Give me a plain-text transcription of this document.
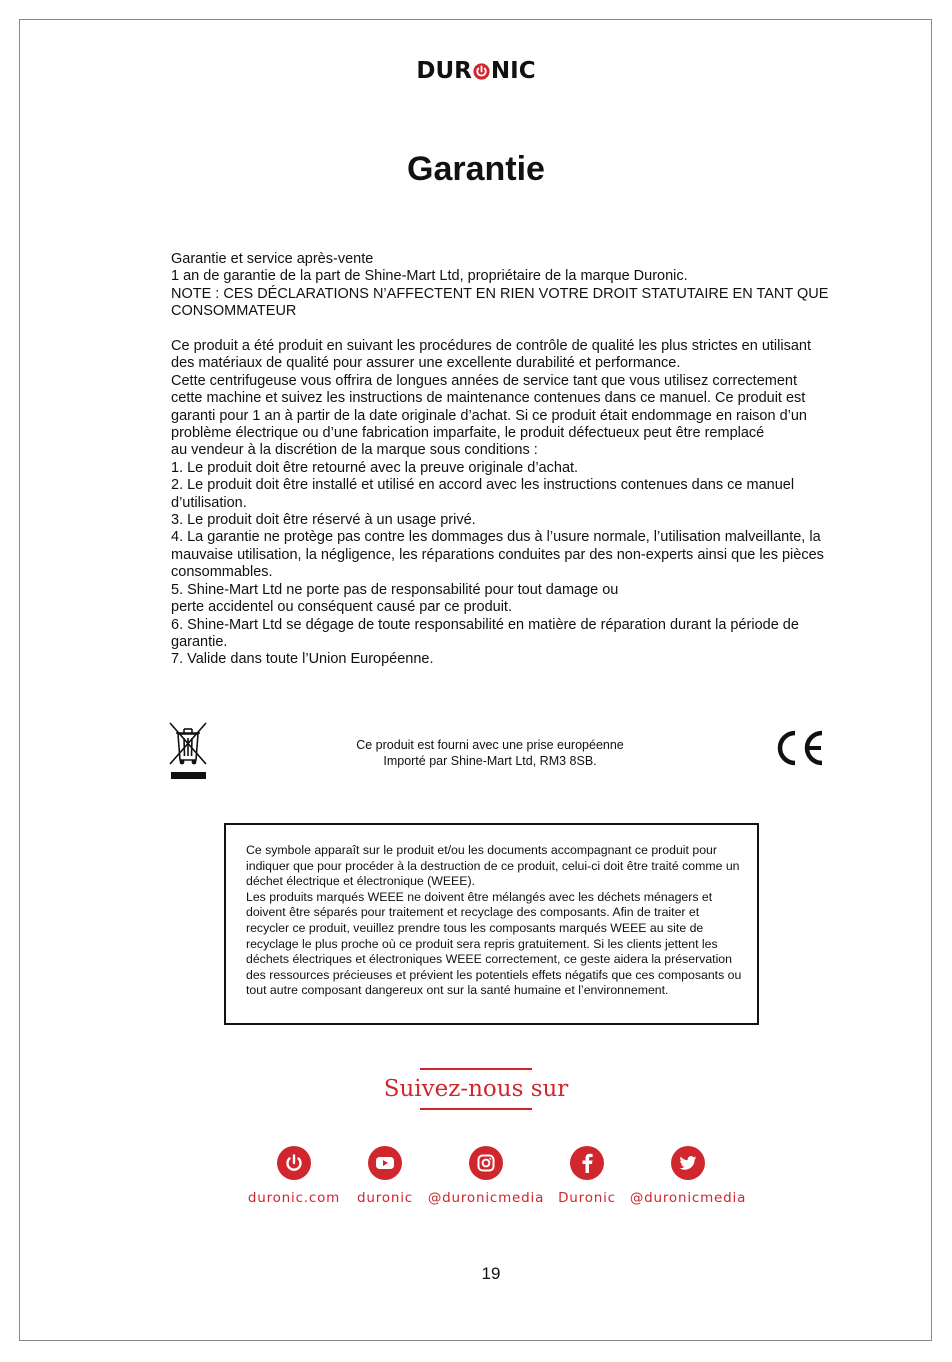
DUR NIC
Garantie

Garantie et service après-vente

1 an de garantie de la part de Shine-Mart Ltd, propriétaire de la marque Duronic.

NOTE : CES DÉCLARATIONS N’AFFECTENT EN RIEN VOTRE DROIT STATUTAIRE EN TANT QUE CONSOMMATEUR

Ce produit a été produit en suivant les procédures de contrôle de qualité les plus strictes en utilisant des matériaux de qualité pour assurer une excellente durabilité et performance.

Cette centrifugeuse vous offrira de longues années de service tant que vous utilisez correctement cette machine et suivez les instructions de maintenance contenues dans ce manuel. Ce produit est garanti pour 1 an à partir de la date originale d’achat. Si ce produit était endommage en raison d’un problème électrique ou d’une fabrication imparfaite, le produit défectueux peut être remplacé

au vendeur à la discrétion de la marque sous conditions :

1. Le produit doit être retourné avec la preuve originale d’achat.

2. Le produit doit être installé et utilisé en accord avec les instructions contenues dans ce manuel d’utilisation.

3. Le produit doit être réservé à un usage privé.

4. La garantie ne protège pas contre les dommages dus à l’usure normale, l’utilisation malveillante, la mauvaise utilisation, la négligence, les réparations conduites par des non-experts ainsi que les pièces consommables.

5. Shine-Mart Ltd ne porte pas de responsabilité pour tout damage ou

perte accidentel ou conséquent causé par ce produit.

6. Shine-Mart Ltd se dégage de toute responsabilité en matière de réparation durant la période de garantie.

7. Valide dans toute l’Union Européenne.

Ce produit est fourni avec une prise européenne

Importé par Shine-Mart Ltd, RM3 8SB.

Ce symbole apparaît sur le produit et/ou les documents accompagnant ce produit pour indiquer que pour procéder à la destruction de ce produit, celui-ci doit être traité comme un déchet électrique et électronique (WEEE).

Les produits marqués WEEE ne doivent être mélangés avec les déchets ménagers et doivent être séparés pour traitement et recyclage des composants. Afin de traiter et recycler ce produit, veuillez prendre tous les composants marqués WEEE au site de recyclage le plus proche où ce produit sera repris gratuitement. Si les clients jettent les déchets électriques et électroniques WEEE correctement, ce geste aidera la préservation des ressources précieuses et prévient les potentiels effets négatifs que ces composants ou tout autre composant dangereux ont sur la santé humaine et l’environnement.

Suivez-nous sur
duronic.com	duronic	@duronicmedia	Duronic	@duronicmedia
19
